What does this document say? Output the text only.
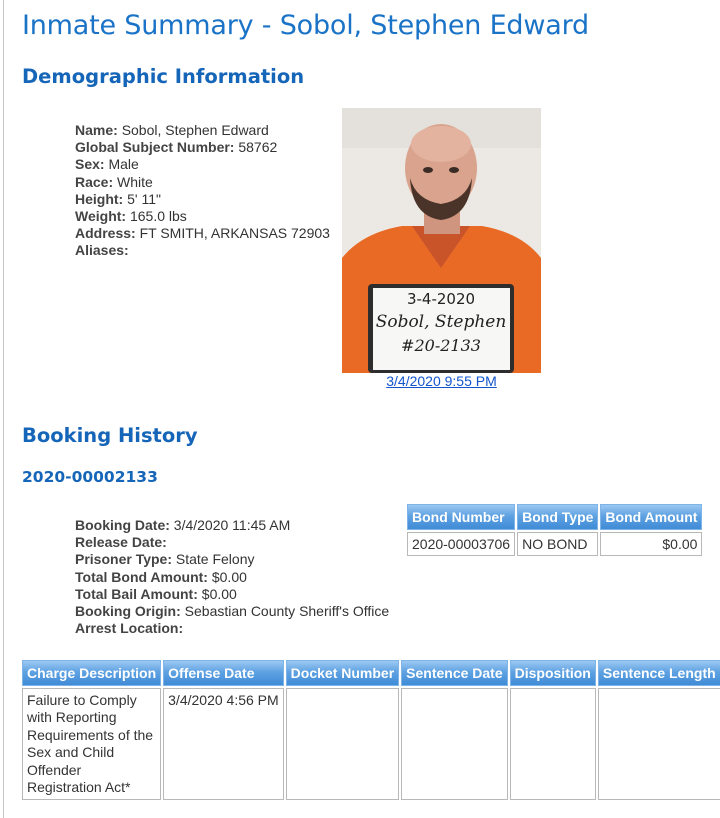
Inmate Summary - Sobol, Stephen Edward
Demographic Information
Name: Sobol, Stephen Edward
Global Subject Number: 58762
Sex: Male
Race: White
Height: 5' 11"
Weight: 165.0 lbs
Address: FT SMITH, ARKANSAS 72903
Aliases:
3-4-2020
Sobol, Stephen
#20-2133
3/4/2020 9:55 PM
Booking History
2020-00002133
Booking Date: 3/4/2020 11:45 AM
Release Date:
Prisoner Type: State Felony
Total Bond Amount: $0.00
Total Bail Amount: $0.00
Booking Origin: Sebastian County Sheriff's Office
Arrest Location:
Bond Number	Bond Type	Bond Amount
2020-00003706	NO BOND	$0.00
Charge Description	Offense Date	Docket Number	Sentence Date	Disposition	Sentence Length	
Failure to Comply with Reporting Requirements of the Sex and Child Offender Registration Act*	3/4/2020 4:56 PM					
